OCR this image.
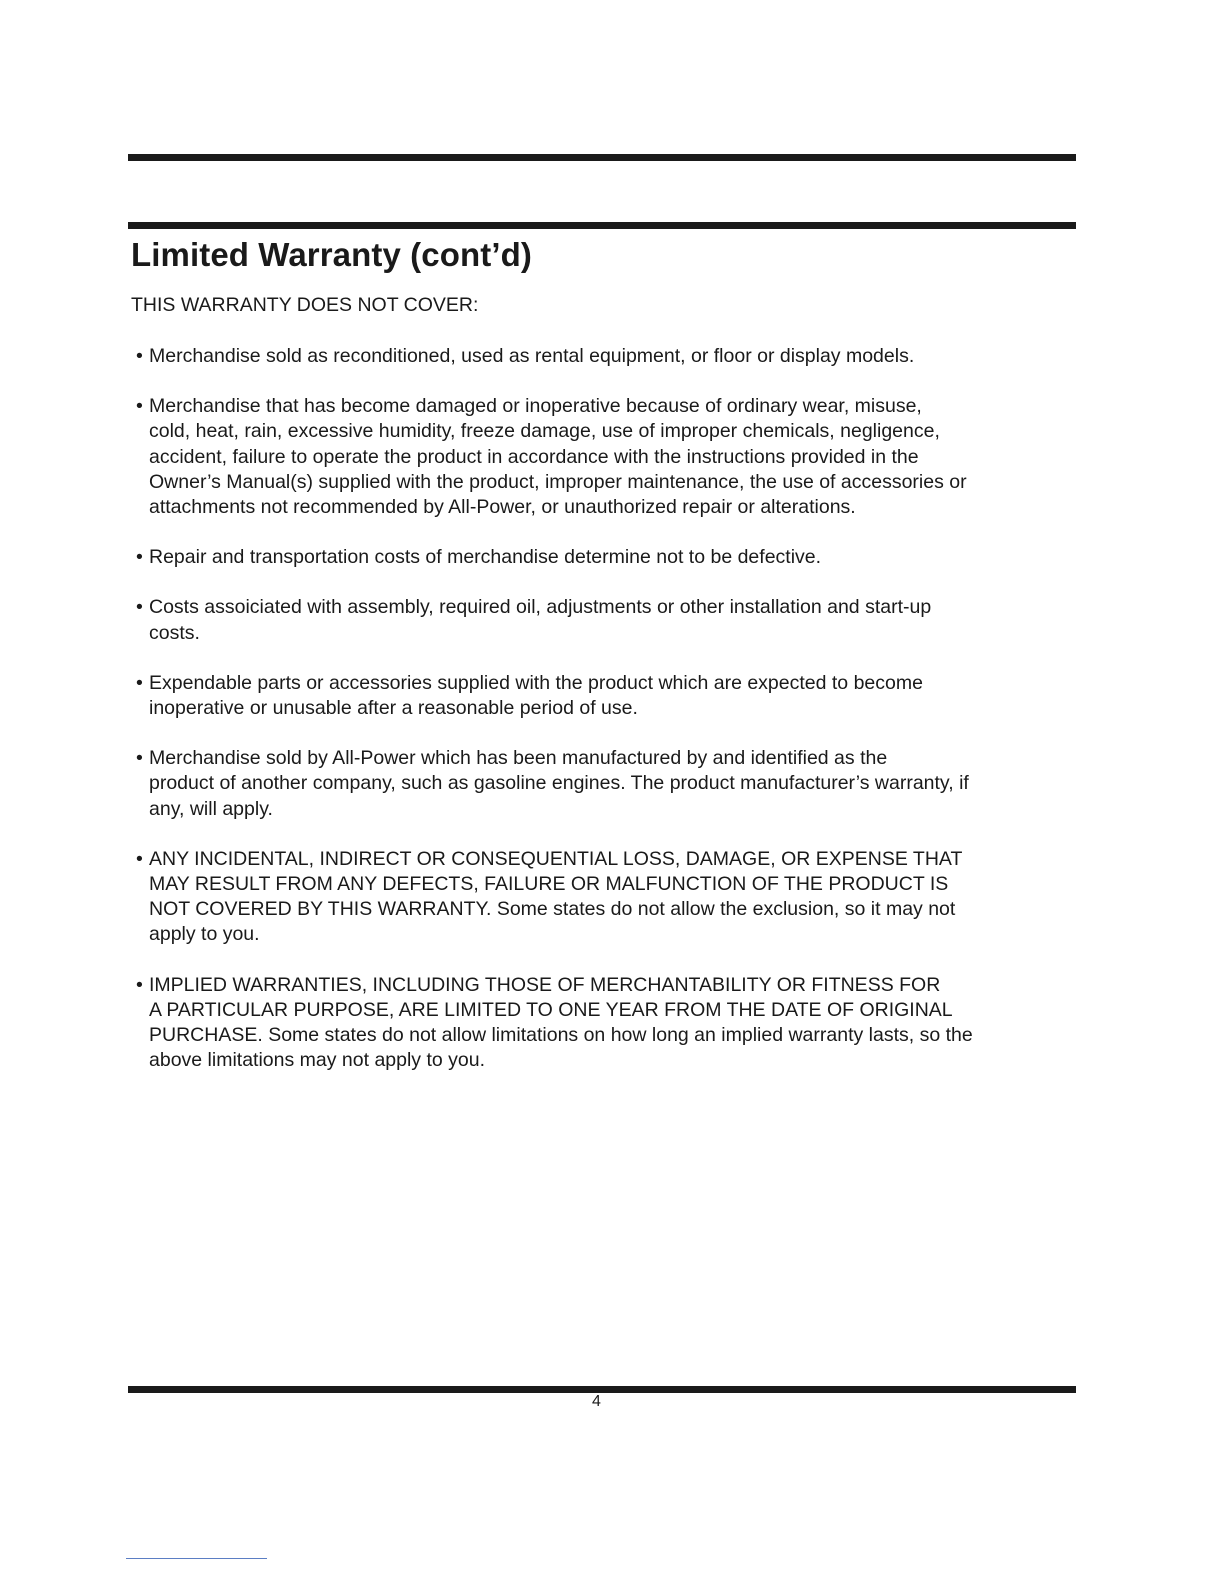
Limited Warranty (cont’d)

THIS WARRANTY DOES NOT COVER:

• Merchandise sold as reconditioned, used as rental equipment, or floor or display models.
• Merchandise that has become damaged or inoperative because of ordinary wear, misuse,
cold, heat, rain, excessive humidity, freeze damage, use of improper chemicals, negligence,
accident, failure to operate the product in accordance with the instructions provided in the
Owner’s Manual(s) supplied with the product, improper maintenance, the use of accessories or
attachments not recommended by All-Power, or unauthorized repair or alterations.
• Repair and transportation costs of merchandise determine not to be defective.
• Costs assoiciated with assembly, required oil, adjustments or other installation and start-up
costs.
• Expendable parts or accessories supplied with the product which are expected to become
inoperative or unusable after a reasonable period of use.
• Merchandise sold by All-Power which has been manufactured by and identified as the
product of another company, such as gasoline engines. The product manufacturer’s warranty, if
any, will apply.
• ANY INCIDENTAL, INDIRECT OR CONSEQUENTIAL LOSS, DAMAGE, OR EXPENSE THAT
MAY RESULT FROM ANY DEFECTS, FAILURE OR MALFUNCTION OF THE PRODUCT IS
NOT COVERED BY THIS WARRANTY. Some states do not allow the exclusion, so it may not
apply to you.
• IMPLIED WARRANTIES, INCLUDING THOSE OF MERCHANTABILITY OR FITNESS FOR
A PARTICULAR PURPOSE, ARE LIMITED TO ONE YEAR FROM THE DATE OF ORIGINAL
PURCHASE. Some states do not allow limitations on how long an implied warranty lasts, so the
above limitations may not apply to you.
4
